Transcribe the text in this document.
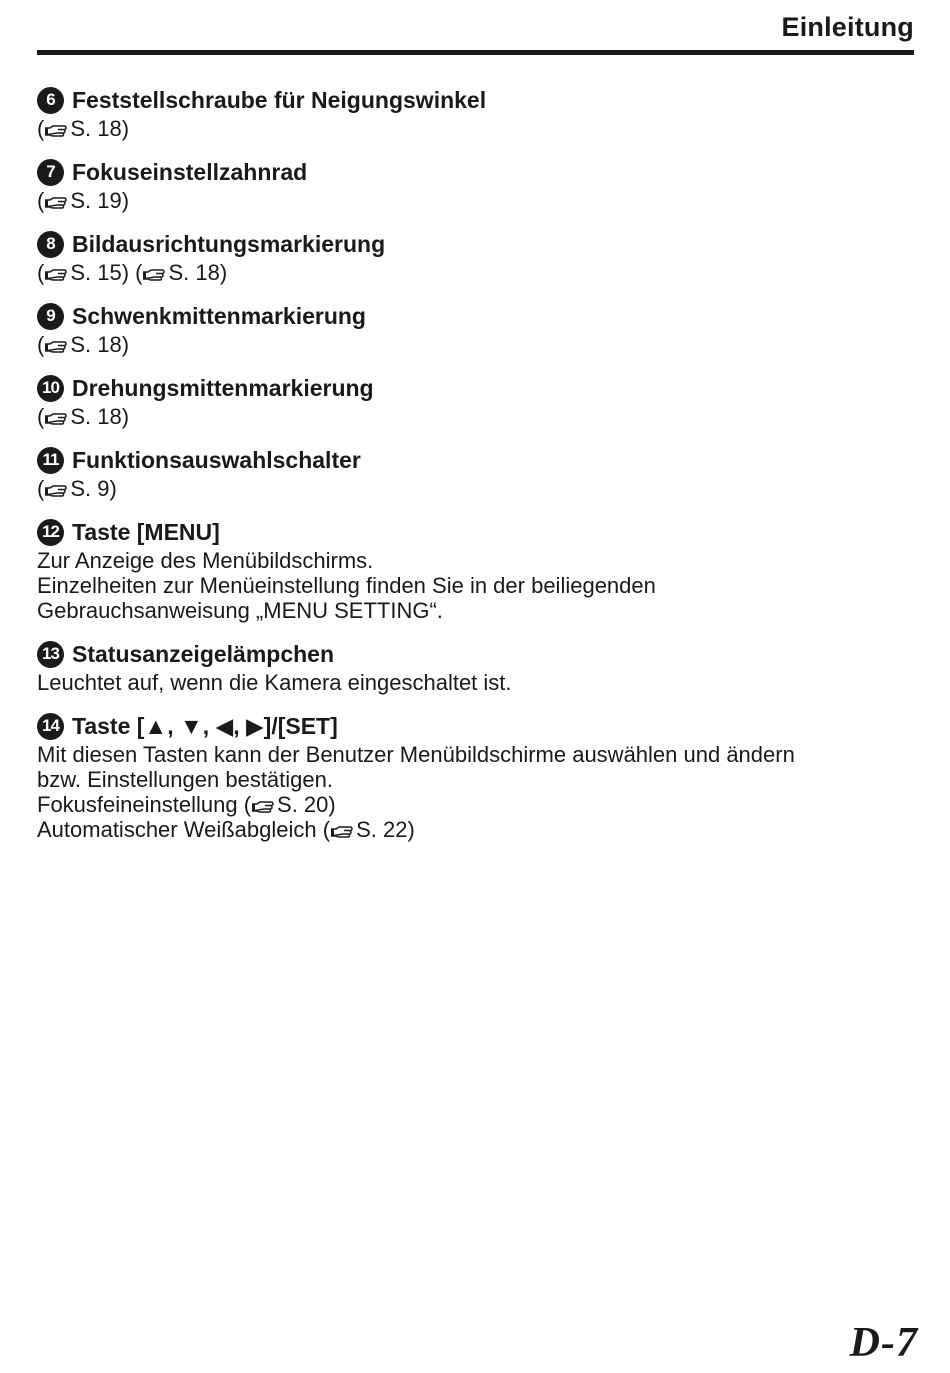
Einleitung
6 Feststellschraube für Neigungswinkel
( S. 18)
7 Fokuseinstellzahnrad
( S. 19)
8 Bildausrichtungsmarkierung
( S. 15) ( S. 18)
9 Schwenkmittenmarkierung
( S. 18)
10 Drehungsmittenmarkierung
( S. 18)
11 Funktionsauswahlschalter
( S. 9)
12 Taste [MENU]
Zur Anzeige des Menübildschirms.
Einzelheiten zur Menüeinstellung finden Sie in der beiliegenden
Gebrauchsanweisung „MENU SETTING“.
13 Statusanzeigelämpchen
Leuchtet auf, wenn die Kamera eingeschaltet ist.
14 Taste [▲, ▼, ◀, ▶]/[SET]
Mit diesen Tasten kann der Benutzer Menübildschirme auswählen und ändern
bzw. Einstellungen bestätigen.
Fokusfeineinstellung ( S. 20)
Automatischer Weißabgleich ( S. 22)
D-7
